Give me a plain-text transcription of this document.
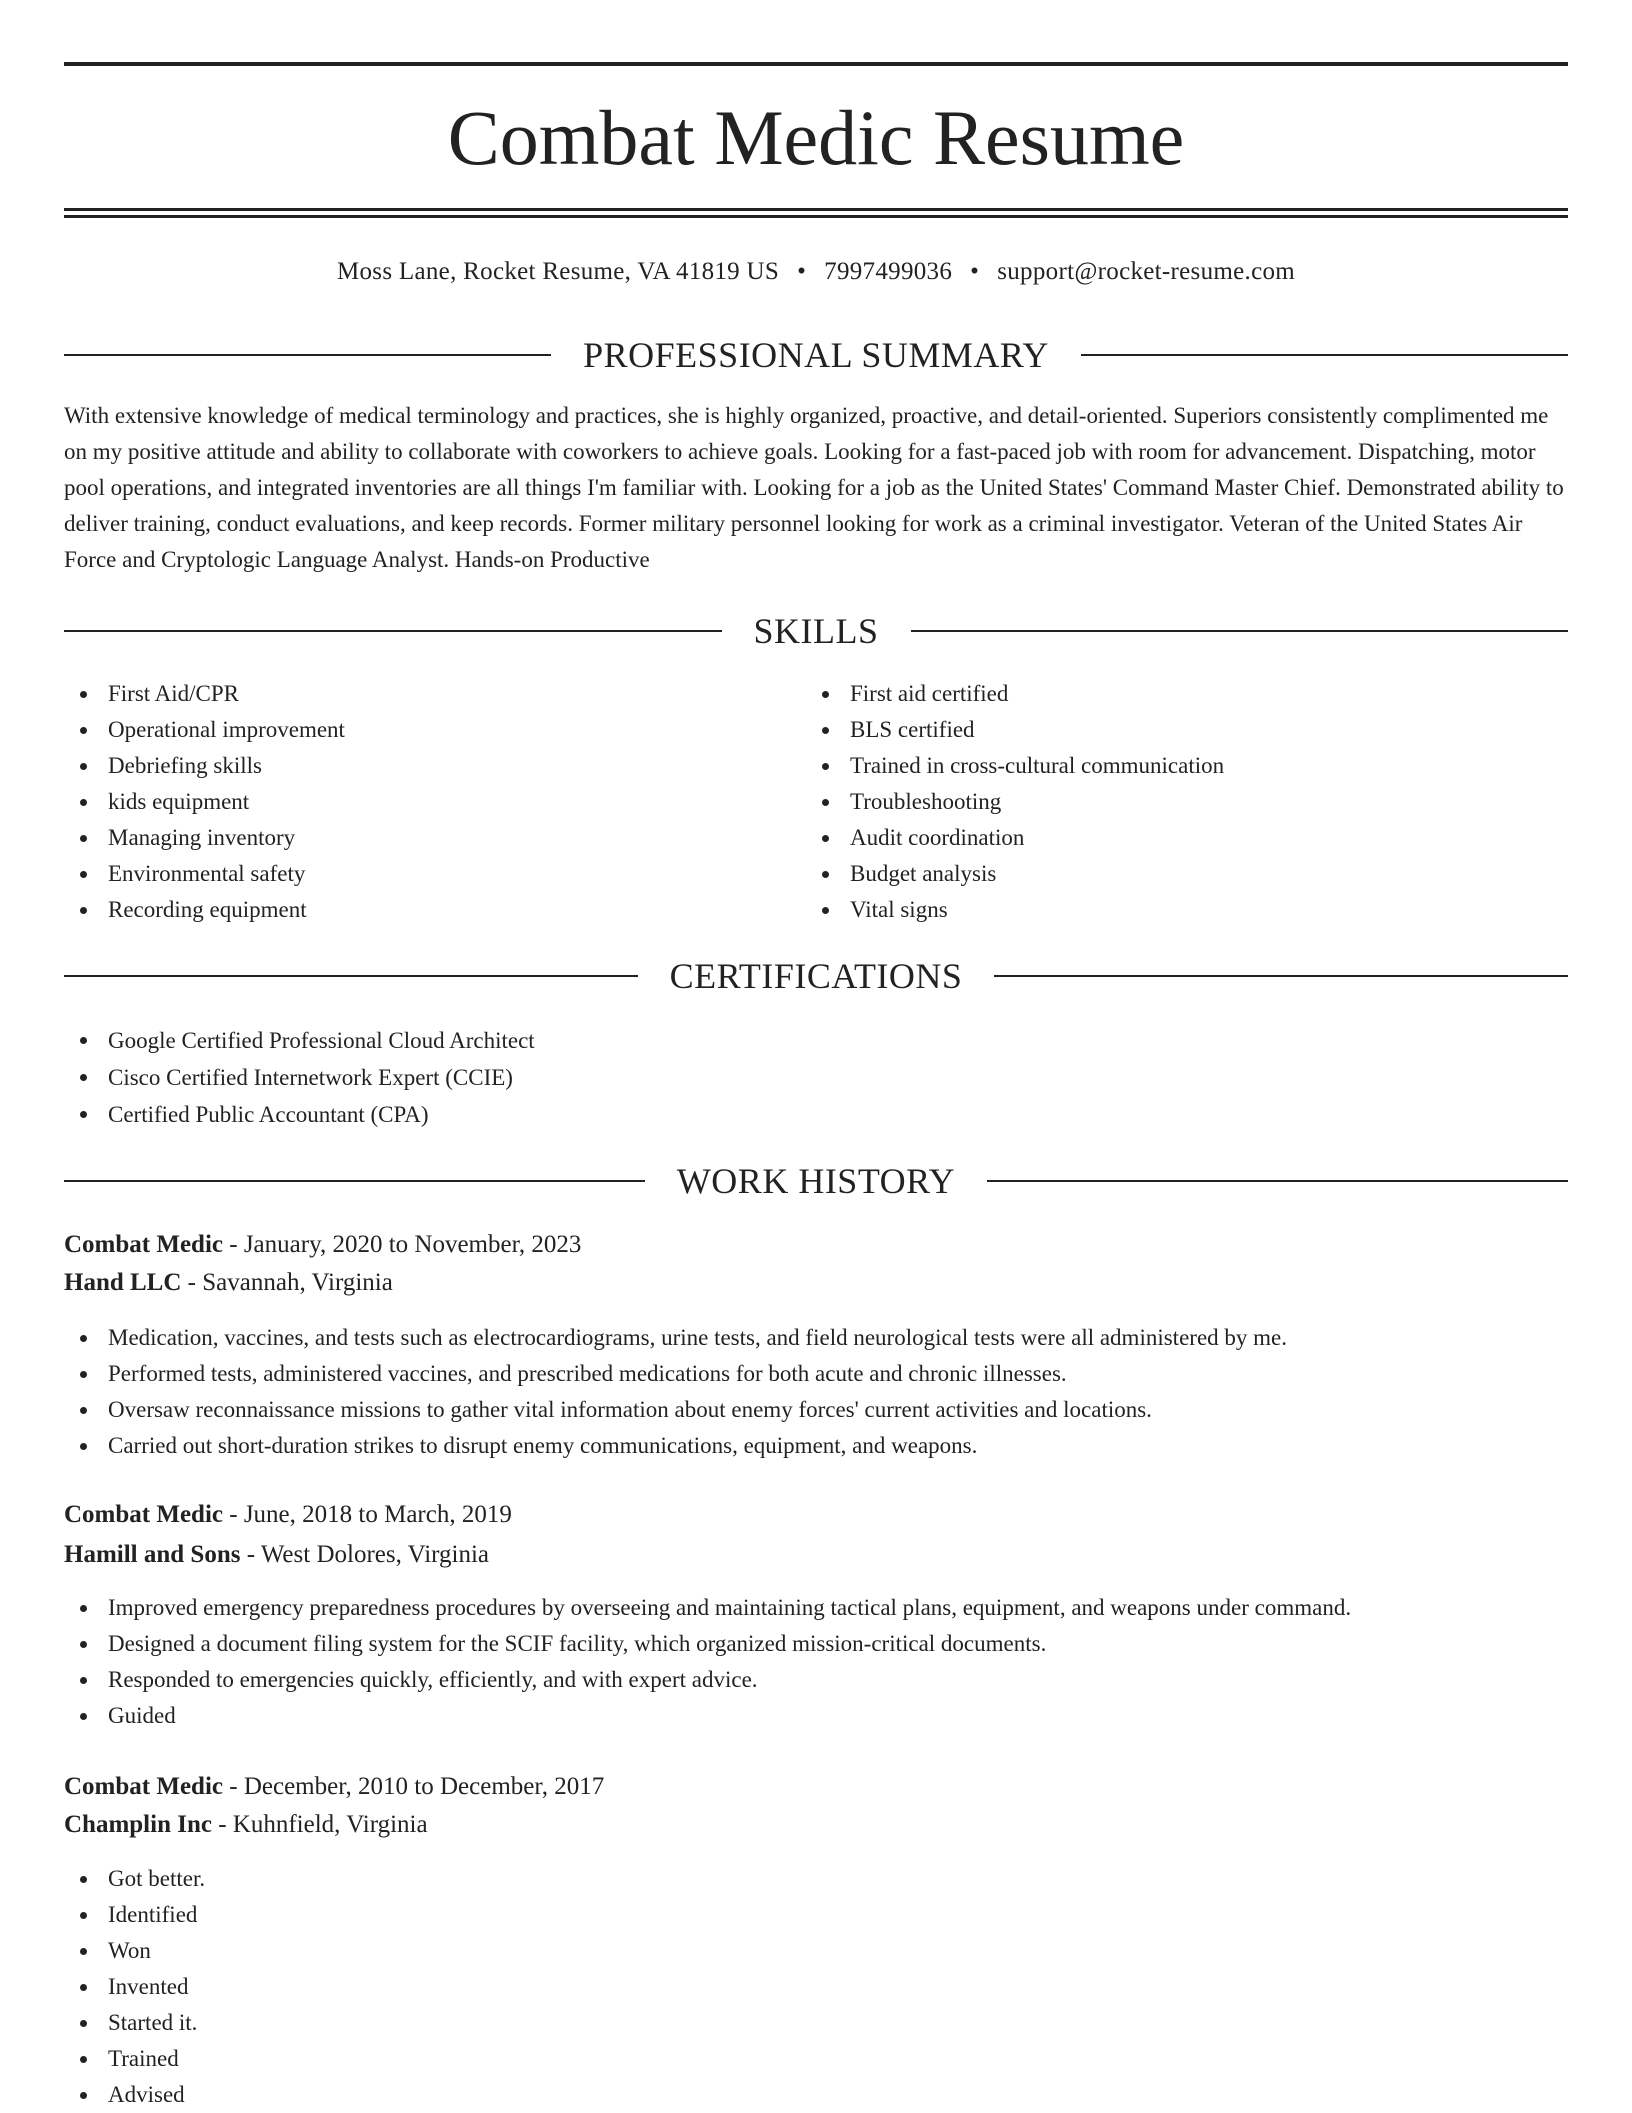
Combat Medic Resume
Moss Lane, Rocket Resume, VA 41819 US • 7997499036 • support@rocket-resume.com
PROFESSIONAL SUMMARY

With extensive knowledge of medical terminology and practices, she is highly organized, proactive, and detail-oriented. Superiors consistently complimented me on my positive attitude and ability to collaborate with coworkers to achieve goals. Looking for a fast-paced job with room for advancement. Dispatching, motor pool operations, and integrated inventories are all things I'm familiar with. Looking for a job as the United States' Command Master Chief. Demonstrated ability to deliver training, conduct evaluations, and keep records. Former military personnel looking for work as a criminal investigator. Veteran of the United States Air Force and Cryptologic Language Analyst. Hands-on Productive

SKILLS
First Aid/CPR
Operational improvement
Debriefing skills
kids equipment
Managing inventory
Environmental safety
Recording equipment
First aid certified
BLS certified
Trained in cross-cultural communication
Troubleshooting
Audit coordination
Budget analysis
Vital signs
CERTIFICATIONS
Google Certified Professional Cloud Architect
Cisco Certified Internetwork Expert (CCIE)
Certified Public Accountant (CPA)
WORK HISTORY
Combat Medic - January, 2020 to November, 2023
Hand LLC - Savannah, Virginia
Medication, vaccines, and tests such as electrocardiograms, urine tests, and field neurological tests were all administered by me.
Performed tests, administered vaccines, and prescribed medications for both acute and chronic illnesses.
Oversaw reconnaissance missions to gather vital information about enemy forces' current activities and locations.
Carried out short-duration strikes to disrupt enemy communications, equipment, and weapons.
Combat Medic - June, 2018 to March, 2019
Hamill and Sons - West Dolores, Virginia
Improved emergency preparedness procedures by overseeing and maintaining tactical plans, equipment, and weapons under command.
Designed a document filing system for the SCIF facility, which organized mission-critical documents.
Responded to emergencies quickly, efficiently, and with expert advice.
Guided
Combat Medic - December, 2010 to December, 2017
Champlin Inc - Kuhnfield, Virginia
Got better.
Identified
Won
Invented
Started it.
Trained
Advised
